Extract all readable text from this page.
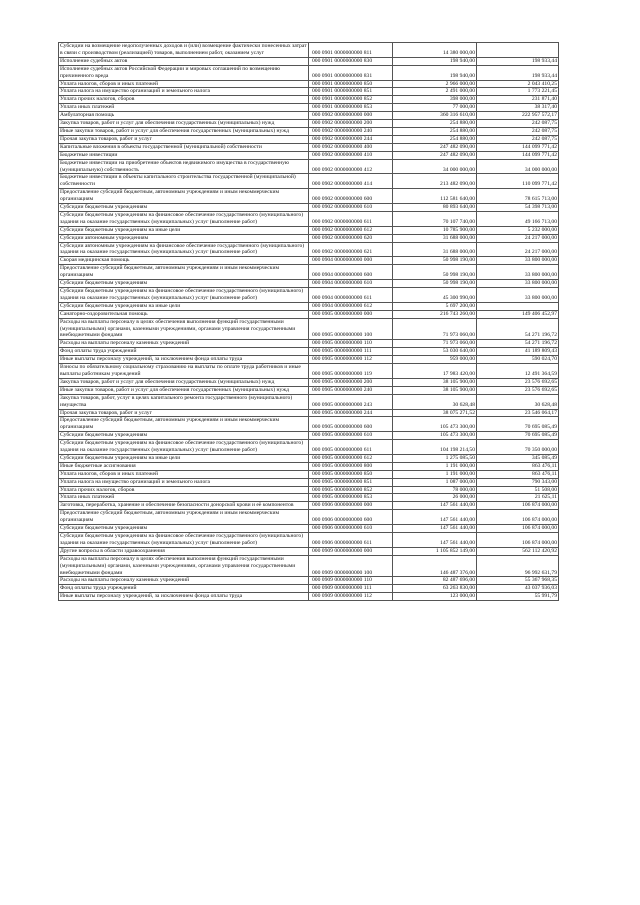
Субсидии на возмещение недополученных доходов и (или) возмещение фактически понесенных затрат в связи с производством (реализацией) товаров, выполнением работ, оказанием услуг	000 0901 0000000000 811	14 380 000,00	
Исполнение судебных актов	000 0901 0000000000 830	198 940,00	198 933,44
Исполнение судебных актов Российской Федерации и мировых соглашений по возмещению причиненного вреда	000 0901 0000000000 831	198 940,00	198 933,44
Уплата налогов, сборов и иных платежей	000 0901 0000000000 850	2 966 000,00	2 043 410,25
Уплата налога на имущество организаций и земельного налога	000 0901 0000000000 851	2 491 000,00	1 773 221,45
Уплата прочих налогов, сборов	000 0901 0000000000 852	398 000,00	231 871,40
Уплата иных платежей	000 0901 0000000000 853	77 000,00	38 317,40
Амбулаторная помощь	000 0902 0000000000 000	360 316 610,00	222 957 572,17
Закупка товаров, работ и услуг для обеспечения государственных (муниципальных) нужд	000 0902 0000000000 200	254 880,00	242 087,75
Иные закупки товаров, работ и услуг для обеспечения государственных (муниципальных) нужд	000 0902 0000000000 240	254 880,00	242 087,75
Прочая закупка товаров, работ и услуг	000 0902 0000000000 244	254 880,00	242 087,75
Капитальные вложения в объекты государственной (муниципальной) собственности	000 0902 0000000000 400	247 482 090,00	144 099 771,42
Бюджетные инвестиции	000 0902 0000000000 410	247 482 090,00	144 099 771,42
Бюджетные инвестиции на приобретение объектов недвижимого имущества в государственную (муниципальную) собственность	000 0902 0000000000 412	34 000 000,00	34 000 000,00
Бюджетные инвестиции в объекты капитального строительства государственной (муниципальной) собственности	000 0902 0000000000 414	213 482 090,00	110 099 771,42
Предоставление субсидий бюджетным, автономным учреждениям и иным некоммерческим организациям	000 0902 0000000000 600	112 581 640,00	78 615 713,00
Субсидии бюджетным учреждениям	000 0902 0000000000 610	80 893 640,00	54 398 713,00
Субсидии бюджетным учреждениям на финансовое обеспечение государственного (муниципального) задания на оказание государственных (муниципальных) услуг (выполнение работ)	000 0902 0000000000 611	70 107 740,00	49 166 713,00
Субсидии бюджетным учреждениям на иные цели	000 0902 0000000000 612	10 785 900,00	5 232 000,00
Субсидии автономным учреждениям	000 0902 0000000000 620	31 688 000,00	24 217 000,00
Субсидии автономным учреждениям на финансовое обеспечение государственного (муниципального) задания на оказание государственных (муниципальных) услуг (выполнение работ)	000 0902 0000000000 621	31 688 000,00	24 217 000,00
Скорая медицинская помощь	000 0904 0000000000 000	50 998 190,00	33 800 000,00
Предоставление субсидий бюджетным, автономным учреждениям и иным некоммерческим организациям	000 0904 0000000000 600	50 998 190,00	33 800 000,00
Субсидии бюджетным учреждениям	000 0904 0000000000 610	50 998 190,00	33 800 000,00
Субсидии бюджетным учреждениям на финансовое обеспечение государственного (муниципального) задания на оказание государственных (муниципальных) услуг (выполнение работ)	000 0904 0000000000 611	45 300 990,00	33 800 000,00
Субсидии бюджетным учреждениям на иные цели	000 0904 0000000000 612	5 697 200,00	
Санаторно-оздоровительная помощь	000 0905 0000000000 000	216 743 260,00	149 406 452,97
Расходы на выплаты персоналу в целях обеспечения выполнения функций государственными (муниципальными) органами, казенными учреждениями, органами управления государственными внебюджетными фондами	000 0905 0000000000 100	71 973 060,00	54 271 196,72
Расходы на выплаты персоналу казенных учреждений	000 0905 0000000000 110	71 973 060,00	54 271 196,72
Фонд оплаты труда учреждений	000 0905 0000000000 111	53 030 640,00	41 189 809,43
Иные выплаты персоналу учреждений, за исключением фонда оплаты труда	000 0905 0000000000 112	959 000,00	590 024,70
Взносы по обязательному социальному страхованию на выплаты по оплате труда работников и иные выплаты работникам учреждений	000 0905 0000000000 119	17 983 420,00	12 491 364,59
Закупка товаров, работ и услуг для обеспечения государственных (муниципальных) нужд	000 0905 0000000000 200	38 105 900,00	23 576 692,65
Иные закупки товаров, работ и услуг для обеспечения государственных (муниципальных) нужд	000 0905 0000000000 240	38 105 900,00	23 576 692,65
Закупка товаров, работ, услуг в целях капитального ремонта государственного (муниципального) имущества	000 0905 0000000000 243	30 628,48	30 628,48
Прочая закупка товаров, работ и услуг	000 0905 0000000000 244	38 075 271,52	23 546 064,17
Предоставление субсидий бюджетным, автономным учреждениям и иным некоммерческим организациям	000 0905 0000000000 600	105 473 300,00	70 695 085,49
Субсидии бюджетным учреждениям	000 0905 0000000000 610	105 473 300,00	70 695 085,49
Субсидии бюджетным учреждениям на финансовое обеспечение государственного (муниципального) задания на оказание государственных (муниципальных) услуг (выполнение работ)	000 0905 0000000000 611	104 198 214,50	70 350 000,00
Субсидии бюджетным учреждениям на иные цели	000 0905 0000000000 612	1 275 085,50	345 085,49
Иные бюджетные ассигнования	000 0905 0000000000 800	1 191 000,00	863 476,11
Уплата налогов, сборов и иных платежей	000 0905 0000000000 850	1 191 000,00	863 476,11
Уплата налога на имущество организаций и земельного налога	000 0905 0000000000 851	1 087 000,00	790 343,00
Уплата прочих налогов, сборов	000 0905 0000000000 852	78 000,00	51 508,00
Уплата иных платежей	000 0905 0000000000 853	26 000,00	21 625,11
Заготовка, переработка, хранение и обеспечение безопасности донорской крови и её компонентов	000 0906 0000000000 000	147 561 440,00	106 874 000,00
Предоставление субсидий бюджетным, автономным учреждениям и иным некоммерческим организациям	000 0906 0000000000 600	147 561 440,00	106 874 000,00
Субсидии бюджетным учреждениям	000 0906 0000000000 610	147 561 440,00	106 874 000,00
Субсидии бюджетным учреждениям на финансовое обеспечение государственного (муниципального) задания на оказание государственных (муниципальных) услуг (выполнение работ)	000 0906 0000000000 611	147 561 440,00	106 874 000,00
Другие вопросы в области здравоохранения	000 0909 0000000000 000	1 105 852 149,00	562 112 420,92
Расходы на выплаты персоналу в целях обеспечения выполнения функций государственными (муниципальными) органами, казенными учреждениями, органами управления государственными внебюджетными фондами	000 0909 0000000000 100	146 487 376,00	96 992 631,79
Расходы на выплаты персоналу казенных учреждений	000 0909 0000000000 110	82 487 696,00	55 367 968,35
Фонд оплаты труда учреждений	000 0909 0000000000 111	63 263 830,00	43 037 936,03
Иные выплаты персоналу учреждений, за исключением фонда оплаты труда	000 0909 0000000000 112	123 000,00	55 991,79
